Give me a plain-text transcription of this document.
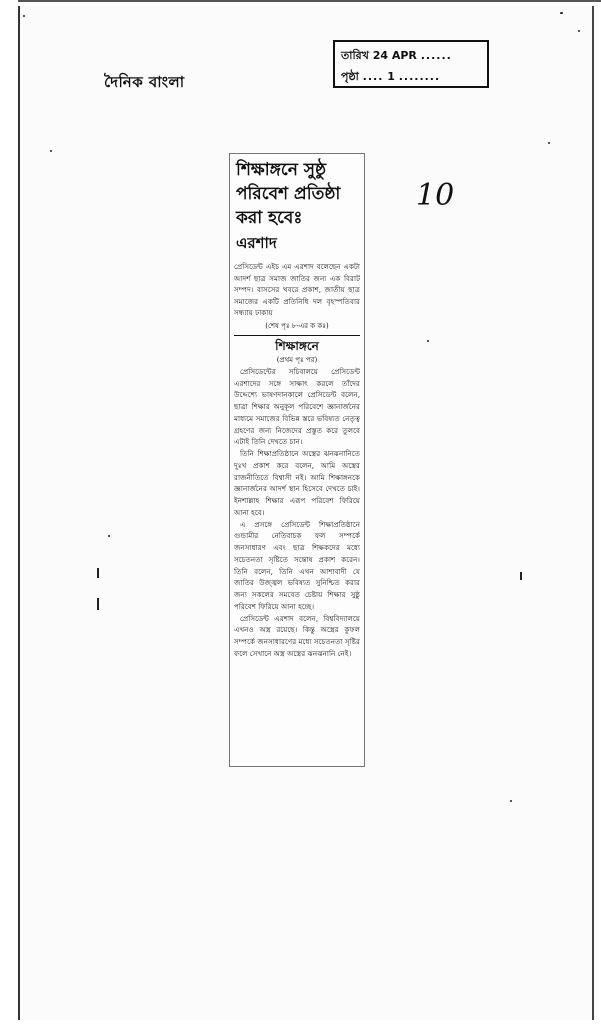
দৈনিক বাংলা
তারিখ 24 APR ......
পৃষ্ঠা .... 1 ........
10
শিক্ষাঙ্গনে সুষ্ঠু
পরিবেশ প্রতিষ্ঠা
করা হবেঃ
এরশাদ

প্রেসিডেন্ট এইচ এম এরশাদ বলেছেন একটা আদর্শ ছাত্র সমাজ জাতির জন্য এক বিরাট সম্পদ। বাসসের খবরে প্রকাশ, জাতীয় ছাত্র সমাজের একটি প্রতিনিধি দল বৃহস্পতিবার সন্ধ্যায় ঢাকায়

(শেষ পৃঃ ৮-এর ক কঃ)
শিক্ষাঙ্গনে
(প্রথম পৃঃ পর)

প্রেসিডেন্টের সচিবালয়ে প্রেসিডেন্ট এরশাদের সঙ্গে সাক্ষাৎ করলে তাঁদের উদ্দেশ্যে ভাষণদানকালে প্রেসিডেন্ট বলেন, ছাত্রা শিক্ষার অনুকূল পরিবেশে জ্ঞানার্জনের মাধ্যমে সমাজের বিভিন্ন স্তরে ভবিষ্যত নেতৃত্ব গ্রহণের জন্য নিজেদের প্রস্তুত করে তুলবে এটাই তিনি দেখতে চান।

তিনি শিক্ষাপ্রতিষ্ঠানে অস্ত্রের ঝনঝনানিতে দুঃখ প্রকাশ করে বলেন, আমি অস্ত্রের রাজনীতিতে বিশ্বাসী নই। আমি শিক্ষাঙ্গনকে জ্ঞানার্জনের আদর্শ স্থান হিসেবে দেখতে চাই। ইনশাল্লাহ শিক্ষার এরূপ পরিবেশ ফিরিয়ে আনা হবে।

এ প্রসঙ্গে প্রেসিডেন্ট শিক্ষাপ্রতিষ্ঠানে গুন্ডামীর নেতিবাচক ফল সম্পর্কে জনসাধারণ এবং ছাত্র শিক্ষকদের মধ্যে সচেতনতা সৃষ্টিতে সন্তোষ প্রকাশ করেন। তিনি বলেন, তিনি এখন আশাবাদী যে জাতির উজ্জ্বল ভবিষ্যত সুনিশ্চিত করার জন্য সকলের সমবেত চেষ্টায় শিক্ষার সুষ্ঠু পরিবেশ ফিরিয়ে আনা হচ্ছে।

প্রেসিডেন্ট এরশাদ বলেন, বিশ্ববিদ্যালয়ে এখনও অস্ত্র রয়েছে। কিন্তু অস্ত্রের কুফল সম্পর্কে জনসাধারণের মধ্যে সচেতনতা সৃষ্টির ফলে সেখানে অস্ত্র অস্ত্রের ঝনঝনানি নেই।
